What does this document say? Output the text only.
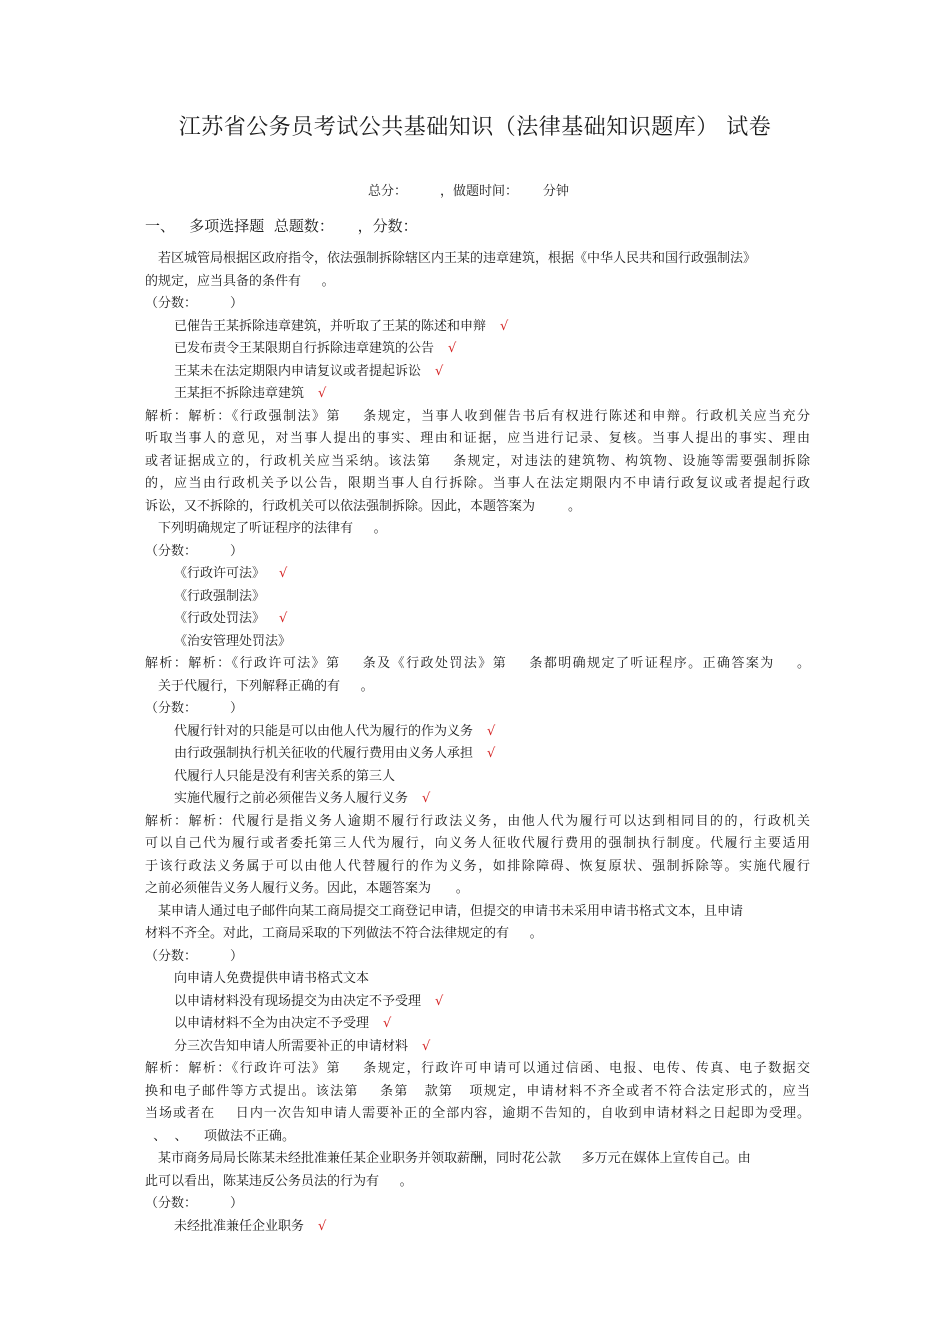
江苏省公务员考试公共基础知识（法律基础知识题库） 试卷
总分：        ，做题时间：      分钟
一、   多项选择题  总题数：     ，分数：
若区城管局根据区政府指令，依法强制拆除辖区内王某的违章建筑，根据《中华人民共和国行政强制法》
的规定，应当具备的条件有     。
（分数：        ）
已催告王某拆除违章建筑，并听取了王某的陈述和申辩 √
已发布责令王某限期自行拆除违章建筑的公告 √
王某未在法定期限内申请复议或者提起诉讼 √
王某拒不拆除违章建筑 √
解析：解析：《行政强制法》第    条规定，当事人收到催告书后有权进行陈述和申辩。行政机关应当充分
听取当事人的意见，对当事人提出的事实、理由和证据，应当进行记录、复核。当事人提出的事实、理由
或者证据成立的，行政机关应当采纳。该法第    条规定，对违法的建筑物、构筑物、设施等需要强制拆除
的，应当由行政机关予以公告，限期当事人自行拆除。当事人在法定期限内不申请行政复议或者提起行政
诉讼，又不拆除的，行政机关可以依法强制拆除。因此，本题答案为        。
下列明确规定了听证程序的法律有     。
（分数：        ）
《行政许可法》 √
《行政强制法》
《行政处罚法》 √
《治安管理处罚法》
解析：解析：《行政许可法》第    条及《行政处罚法》第    条都明确规定了听证程序。正确答案为    。
关于代履行，下列解释正确的有     。
（分数：        ）
代履行针对的只能是可以由他人代为履行的作为义务 √
由行政强制执行机关征收的代履行费用由义务人承担 √
代履行人只能是没有利害关系的第三人
实施代履行之前必须催告义务人履行义务 √
解析：解析：代履行是指义务人逾期不履行行政法义务，由他人代为履行可以达到相同目的的，行政机关
可以自己代为履行或者委托第三人代为履行，向义务人征收代履行费用的强制执行制度。代履行主要适用
于该行政法义务属于可以由他人代替履行的作为义务，如排除障碍、恢复原状、强制拆除等。实施代履行
之前必须催告义务人履行义务。因此，本题答案为      。
某申请人通过电子邮件向某工商局提交工商登记申请，但提交的申请书未采用申请书格式文本，且申请
材料不齐全。对此，工商局采取的下列做法不符合法律规定的有     。
（分数：        ）
向申请人免费提供申请书格式文本
以申请材料没有现场提交为由决定不予受理 √
以申请材料不全为由决定不予受理 √
分三次告知申请人所需要补正的申请材料 √
解析：解析：《行政许可法》第    条规定，行政许可申请可以通过信函、电报、电传、传真、电子数据交
换和电子邮件等方式提出。该法第    条第   款第   项规定，申请材料不齐全或者不符合法定形式的，应当
当场或者在    日内一次告知申请人需要补正的全部内容，逾期不告知的，自收到申请材料之日起即为受理。
、  、    项做法不正确。
某市商务局局长陈某未经批准兼任某企业职务并领取薪酬，同时花公款     多万元在媒体上宣传自己。由
此可以看出，陈某违反公务员法的行为有     。
（分数：        ）
未经批准兼任企业职务 √
